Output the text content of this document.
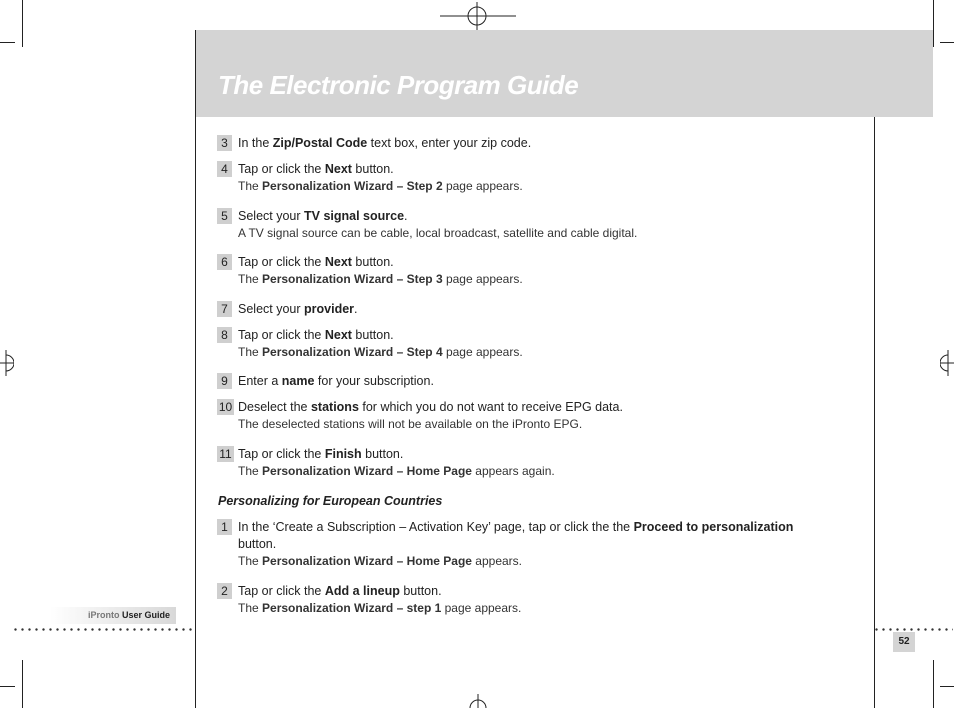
The Electronic Program Guide
3 In the Zip/Postal Code text box, enter your zip code.
4 Tap or click the Next button.
The Personalization Wizard – Step 2 page appears.
5 Select your TV signal source.
A TV signal source can be cable, local broadcast, satellite and cable digital.
6 Tap or click the Next button.
The Personalization Wizard – Step 3 page appears.
7 Select your provider.
8 Tap or click the Next button.
The Personalization Wizard – Step 4 page appears.
9 Enter a name for your subscription.
10 Deselect the stations for which you do not want to receive EPG data.
The deselected stations will not be available on the iPronto EPG.
11 Tap or click the Finish button.
The Personalization Wizard – Home Page appears again.
1 In the ‘Create a Subscription – Activation Key’ page, tap or click the the Proceed to personalization
button.
The Personalization Wizard – Home Page appears.
2 Tap or click the Add a lineup button.
The Personalization Wizard – step 1 page appears.
Personalizing for European Countries
iPronto User Guide
52
